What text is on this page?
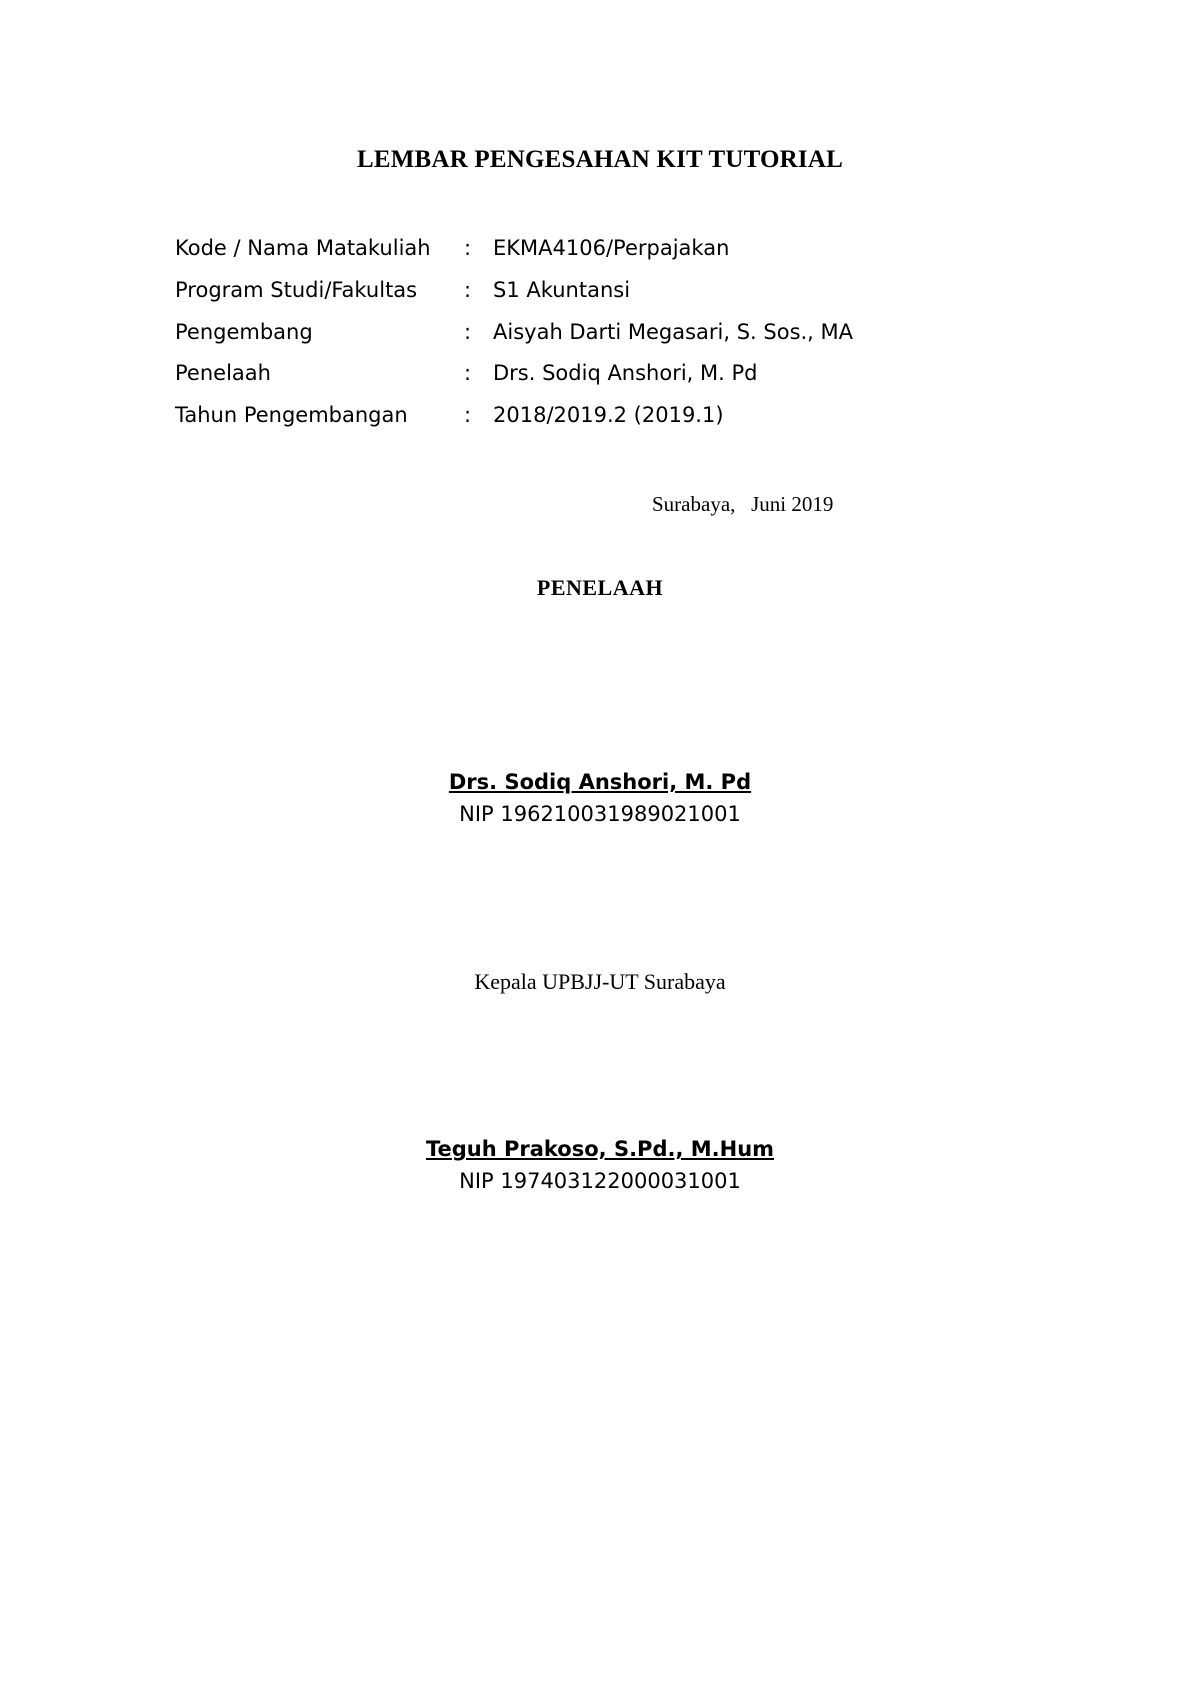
LEMBAR PENGESAHAN KIT TUTORIAL
Kode / Nama Matakuliah : EKMA4106/Perpajakan
Program Studi/Fakultas : S1 Akuntansi
Pengembang	: Aisyah Darti Megasari, S. Sos., MA
Penelaah	: Drs. Sodiq Anshori, M. Pd
Tahun Pengembangan	: 2018/2019.2 (2019.1)
Surabaya,   Juni 2019
PENELAAH
Drs. Sodiq Anshori, M. Pd
NIP 196210031989021001
Kepala UPBJJ-UT Surabaya
Teguh Prakoso, S.Pd., M.Hum
NIP 197403122000031001
